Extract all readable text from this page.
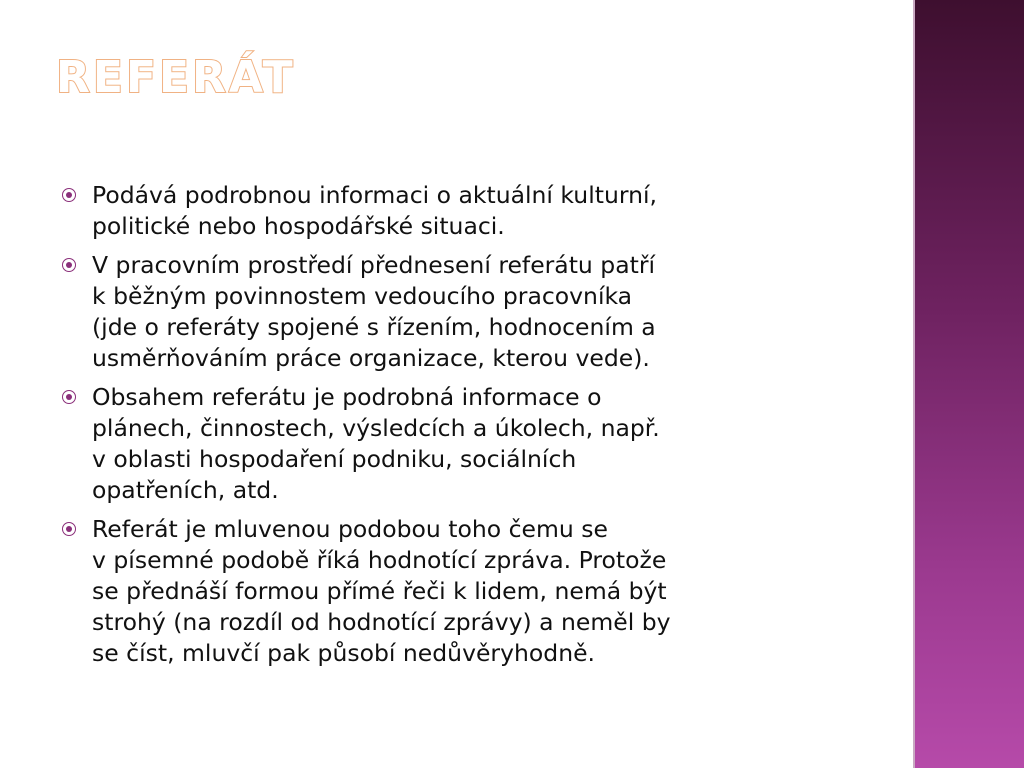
REFERÁT
Podává podrobnou informaci o aktuální kulturní,
politické nebo hospodářské situaci.
V pracovním prostředí přednesení referátu patří
k běžným povinnostem vedoucího pracovníka
(jde o referáty spojené s řízením, hodnocením a
usměrňováním práce organizace, kterou vede).
Obsahem referátu je podrobná informace o
plánech, činnostech, výsledcích a úkolech, např.
v oblasti hospodaření podniku, sociálních
opatřeních, atd.
Referát je mluvenou podobou toho čemu se
v písemné podobě říká hodnotící zpráva. Protože
se přednáší formou přímé řeči k lidem, nemá být
strohý (na rozdíl od hodnotící zprávy) a neměl by
se číst, mluvčí pak působí nedůvěryhodně.
